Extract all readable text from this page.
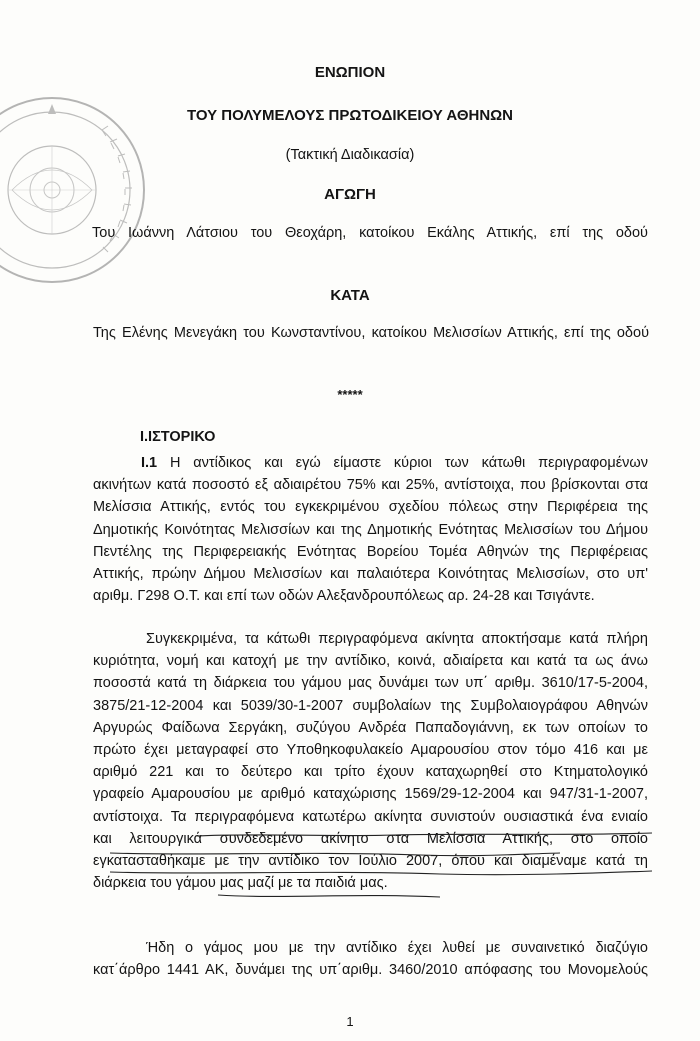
ΕΝΩΠΙΟΝ
ΤΟΥ ΠΟΛΥΜΕΛΟΥΣ ΠΡΩΤΟΔΙΚΕΙΟΥ ΑΘΗΝΩΝ
(Τακτική Διαδικασία)
ΑΓΩΓΗ
Του Ιωάννη Λάτσιου του Θεοχάρη, κατοίκου Εκάλης Αττικής, επί της οδού
ΚΑΤΑ
Της Ελένης Μενεγάκη του Κωνσταντίνου, κατοίκου Μελισσίων Αττικής, επί της οδού
*****
Ι.ΙΣΤΟΡΙΚΟ
Ι.1 Η αντίδικος και εγώ είμαστε κύριοι των κάτωθι περιγραφομένων
ακινήτων κατά ποσοστό εξ αδιαιρέτου 75% και 25%, αντίστοιχα, που βρίσκονται στα
Μελίσσια Αττικής, εντός του εγκεκριμένου σχεδίου πόλεως στην Περιφέρεια της
Δημοτικής Κοινότητας Μελισσίων και της Δημοτικής Ενότητας Μελισσίων του Δήμου
Πεντέλης της Περιφερειακής Ενότητας Βορείου Τομέα Αθηνών της Περιφέρειας
Αττικής, πρώην Δήμου Μελισσίων και παλαιότερα Κοινότητας Μελισσίων, στο υπ'
αριθμ. Γ298 Ο.Τ. και επί των οδών Αλεξανδρουπόλεως αρ. 24-28 και Τσιγάντε.
Συγκεκριμένα, τα κάτωθι περιγραφόμενα ακίνητα αποκτήσαμε κατά πλήρη
κυριότητα, νομή και κατοχή με την αντίδικο, κοινά, αδιαίρετα και κατά τα ως άνω
ποσοστά κατά τη διάρκεια του γάμου μας δυνάμει των υπ΄ αριθμ. 3610/17-5-2004,
3875/21-12-2004 και 5039/30-1-2007 συμβολαίων της Συμβολαιογράφου Αθηνών
Αργυρώς Φαίδωνα Σεργάκη, συζύγου Ανδρέα Παπαδογιάννη, εκ των οποίων το
πρώτο έχει μεταγραφεί στο Υποθηκοφυλακείο Αμαρουσίου στον τόμο 416 και με
αριθμό 221 και το δεύτερο και τρίτο έχουν καταχωρηθεί στο Κτηματολογικό
γραφείο Αμαρουσίου με αριθμό καταχώρισης 1569/29-12-2004 και 947/31-1-2007,
αντίστοιχα. Τα περιγραφόμενα κατωτέρω ακίνητα συνιστούν ουσιαστικά ένα ενιαίο
και λειτουργικά συνδεδεμένο ακίνητο στα Μελίσσια Αττικής, στο οποίο
εγκατασταθήκαμε με την αντίδικο τον Ιούλιο 2007, όπου και διαμέναμε κατά τη
διάρκεια του γάμου μας μαζί με τα παιδιά μας.
Ήδη ο γάμος μου με την αντίδικο έχει λυθεί με συναινετικό διαζύγιο
κατ΄άρθρο 1441 ΑΚ, δυνάμει της υπ΄αριθμ. 3460/2010 απόφασης του Μονομελούς
1
